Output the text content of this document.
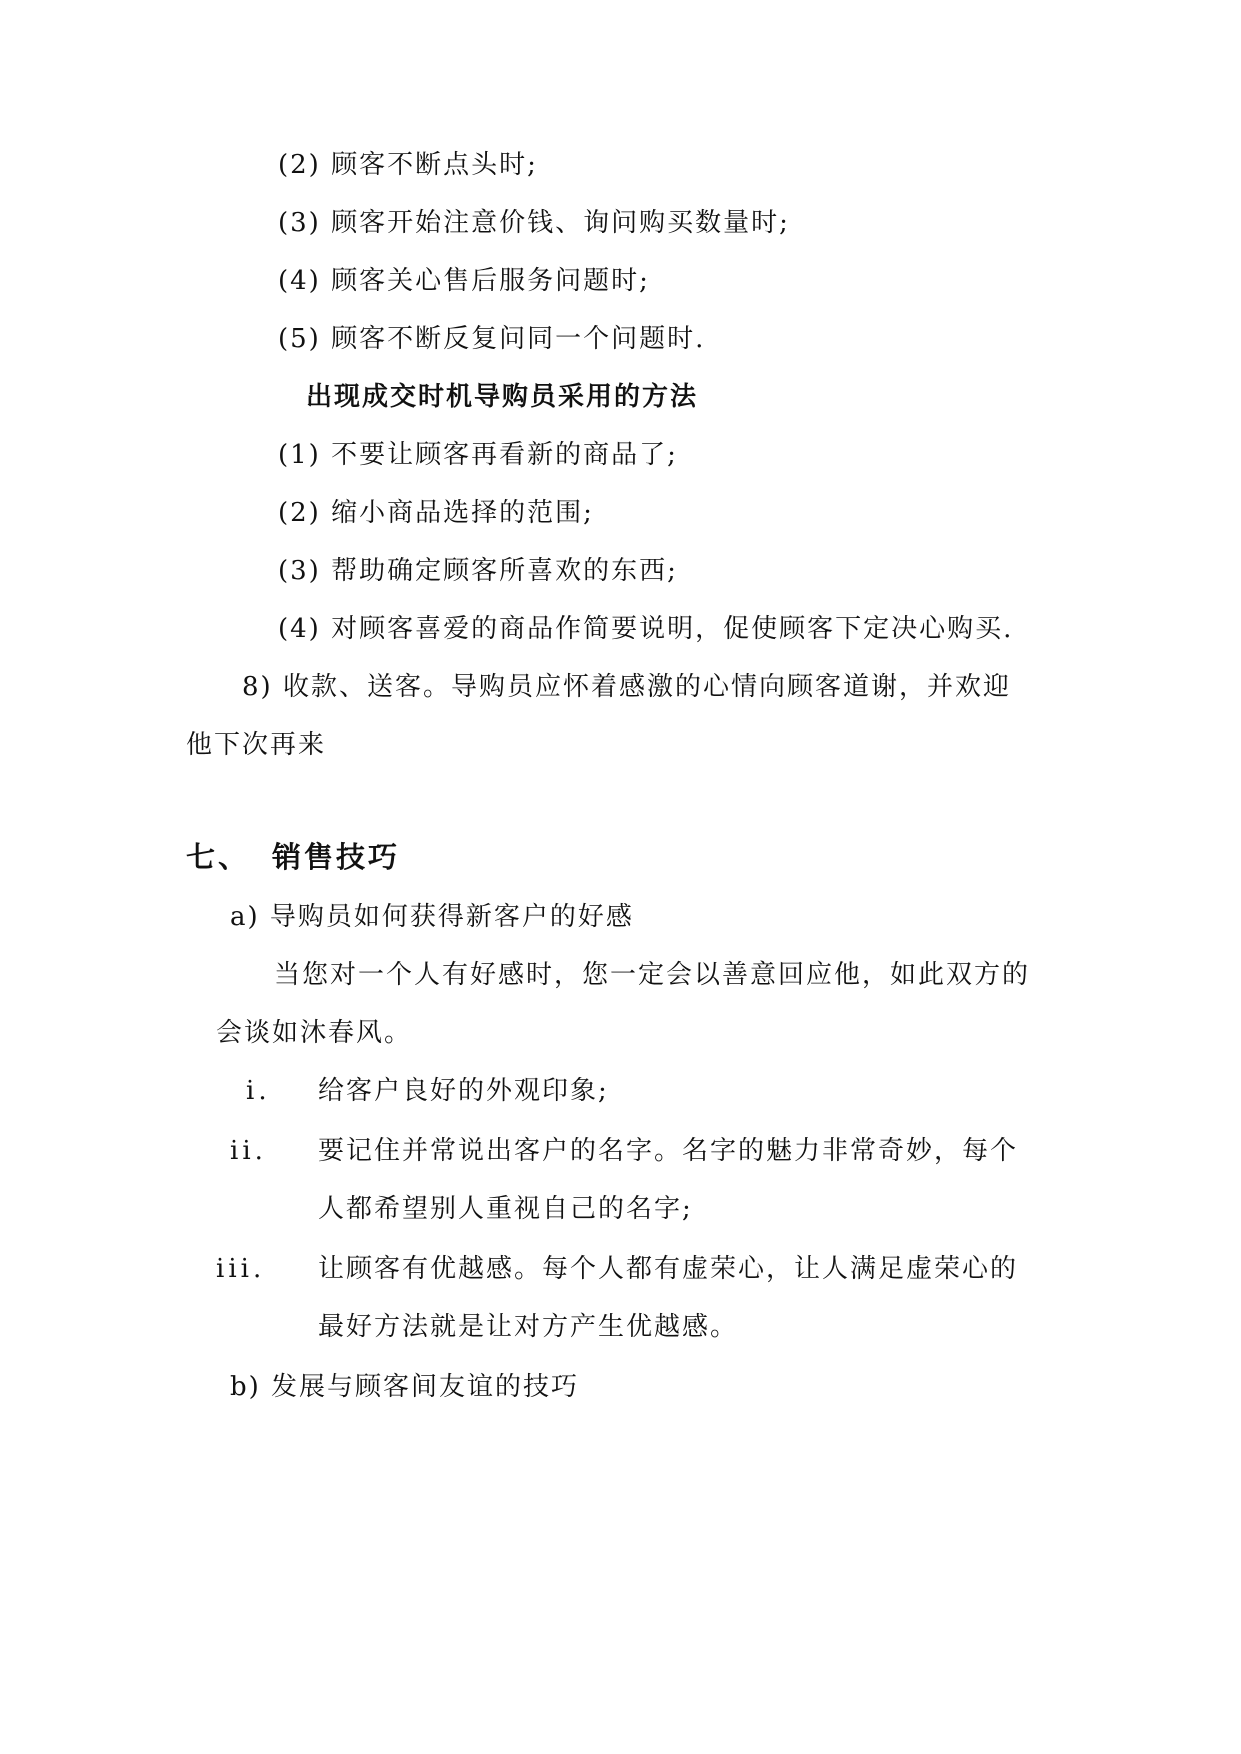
(2) 顾客不断点头时;
(3) 顾客开始注意价钱、询问购买数量时;
(4) 顾客关心售后服务问题时;
(5) 顾客不断反复问同一个问题时.
出现成交时机导购员采用的方法
(1) 不要让顾客再看新的商品了;
(2) 缩小商品选择的范围;
(3) 帮助确定顾客所喜欢的东西;
(4) 对顾客喜爱的商品作简要说明，促使顾客下定决心购买.
8) 收款、送客。导购员应怀着感激的心情向顾客道谢，并欢迎
他下次再来
七、 销售技巧
a) 导购员如何获得新客户的好感
当您对一个人有好感时，您一定会以善意回应他，如此双方的
会谈如沐春风。
i. 给客户良好的外观印象;
ii. 要记住并常说出客户的名字。名字的魅力非常奇妙，每个
人都希望别人重视自己的名字;
iii. 让顾客有优越感。每个人都有虚荣心，让人满足虚荣心的
最好方法就是让对方产生优越感。
b) 发展与顾客间友谊的技巧
